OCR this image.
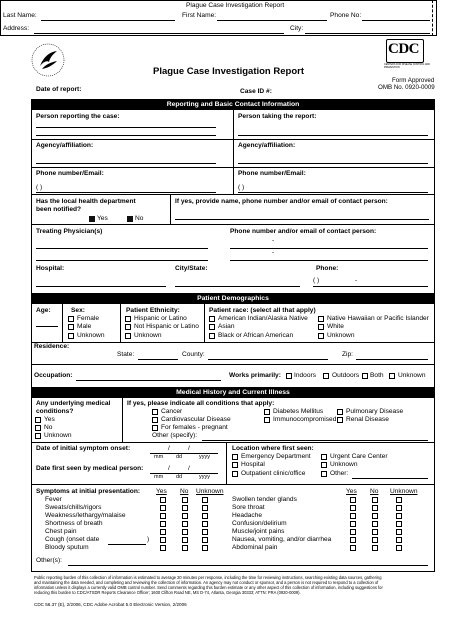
Plague Case Investigation Report
Last Name:	First Name:	Phone No:
Address:	City:
CDC
CENTERS FOR DISEASE CONTROL AND PREVENTION
Plague Case Investigation Report
Form Approved
OMB No. 0920-0009
Date of report:	Case ID #:
Reporting and Basic Contact Information
Person reporting the case:	Person taking the report:
Agency/affiliation:	Agency/affiliation:
Phone number/Email:	Phone number/Email:
( )	( )
Has the local health department
been notified?
Yes	No
If yes, provide name, phone number and/or email of contact person:
Treating Physician(s)	Phone number and/or email of contact person:
-
-
Hospital:	City/State:	Phone:
( )	-
Patient Demographics
Age:	Sex:
Female
Male
Unknown
Patient Ethnicity:
Hispanic or Latino
Not Hispanic or Latino
Unknown
Patient race: (select all that apply)
American Indian/Alaska Native
Asian
Black or African American
Native Hawaiian or Pacific Islander
White
Unknown
Residence:
State:	County:	Zip:
Occupation:	Works primarily: Indoors Outdoors Both Unknown
Medical History and Current Illness
Any underlying medical
conditions?
Yes
No
Unknown
If yes, please indicate all conditions that apply:
Cancer
Cardiovascular Disease
For females - pregnant
Other (specify):
Diabetes Mellitus
Immunocompromised
Pulmonary Disease
Renal Disease
Date of initial symptom onset:	/	/
mm dd	yyyy
Date first seen by medical person:	/	/
mm dd	yyyy
Location where first seen:
Emergency Department	Urgent Care Center
Hospital	Unknown
Outpatient clinic/office	Other:
Symptoms at initial presentation: Yes No Unknown	Yes No Unknown
Fever
Sweats/chills/rigors
Weakness/lethargy/malaise
Shortness of breath
Chest pain
Cough (onset date	)
Bloody sputum
Swollen tender glands
Sore throat
Headache
Confusion/delirium
Muscle/joint pains
Nausea, vomiting, and/or diarrhea
Abdominal pain
Other(s):
Public reporting burden of this collection of information is estimated to average 20 minutes per response, including the time for reviewing instructions, searching existing data sources, gathering
and maintaining the data needed, and completing and reviewing the collection of information. An agency may not conduct or sponsor, and a person is not required to respond to a collection of
information unless it displays a currently valid OMB control number. Send comments regarding this burden estimate or any other aspect of this collection of information, including suggestions for
reducing this burden to CDC/ATSDR Reports Clearance Officer; 1600 Clifton Road NE, MS D-74, Atlanta, Georgia 30333; ATTN: PRA (0920-0009).
CDC 56.37 (E), 2/2006, CDC Adobe Acrobat 5.0 Electronic Version, 2/2006
